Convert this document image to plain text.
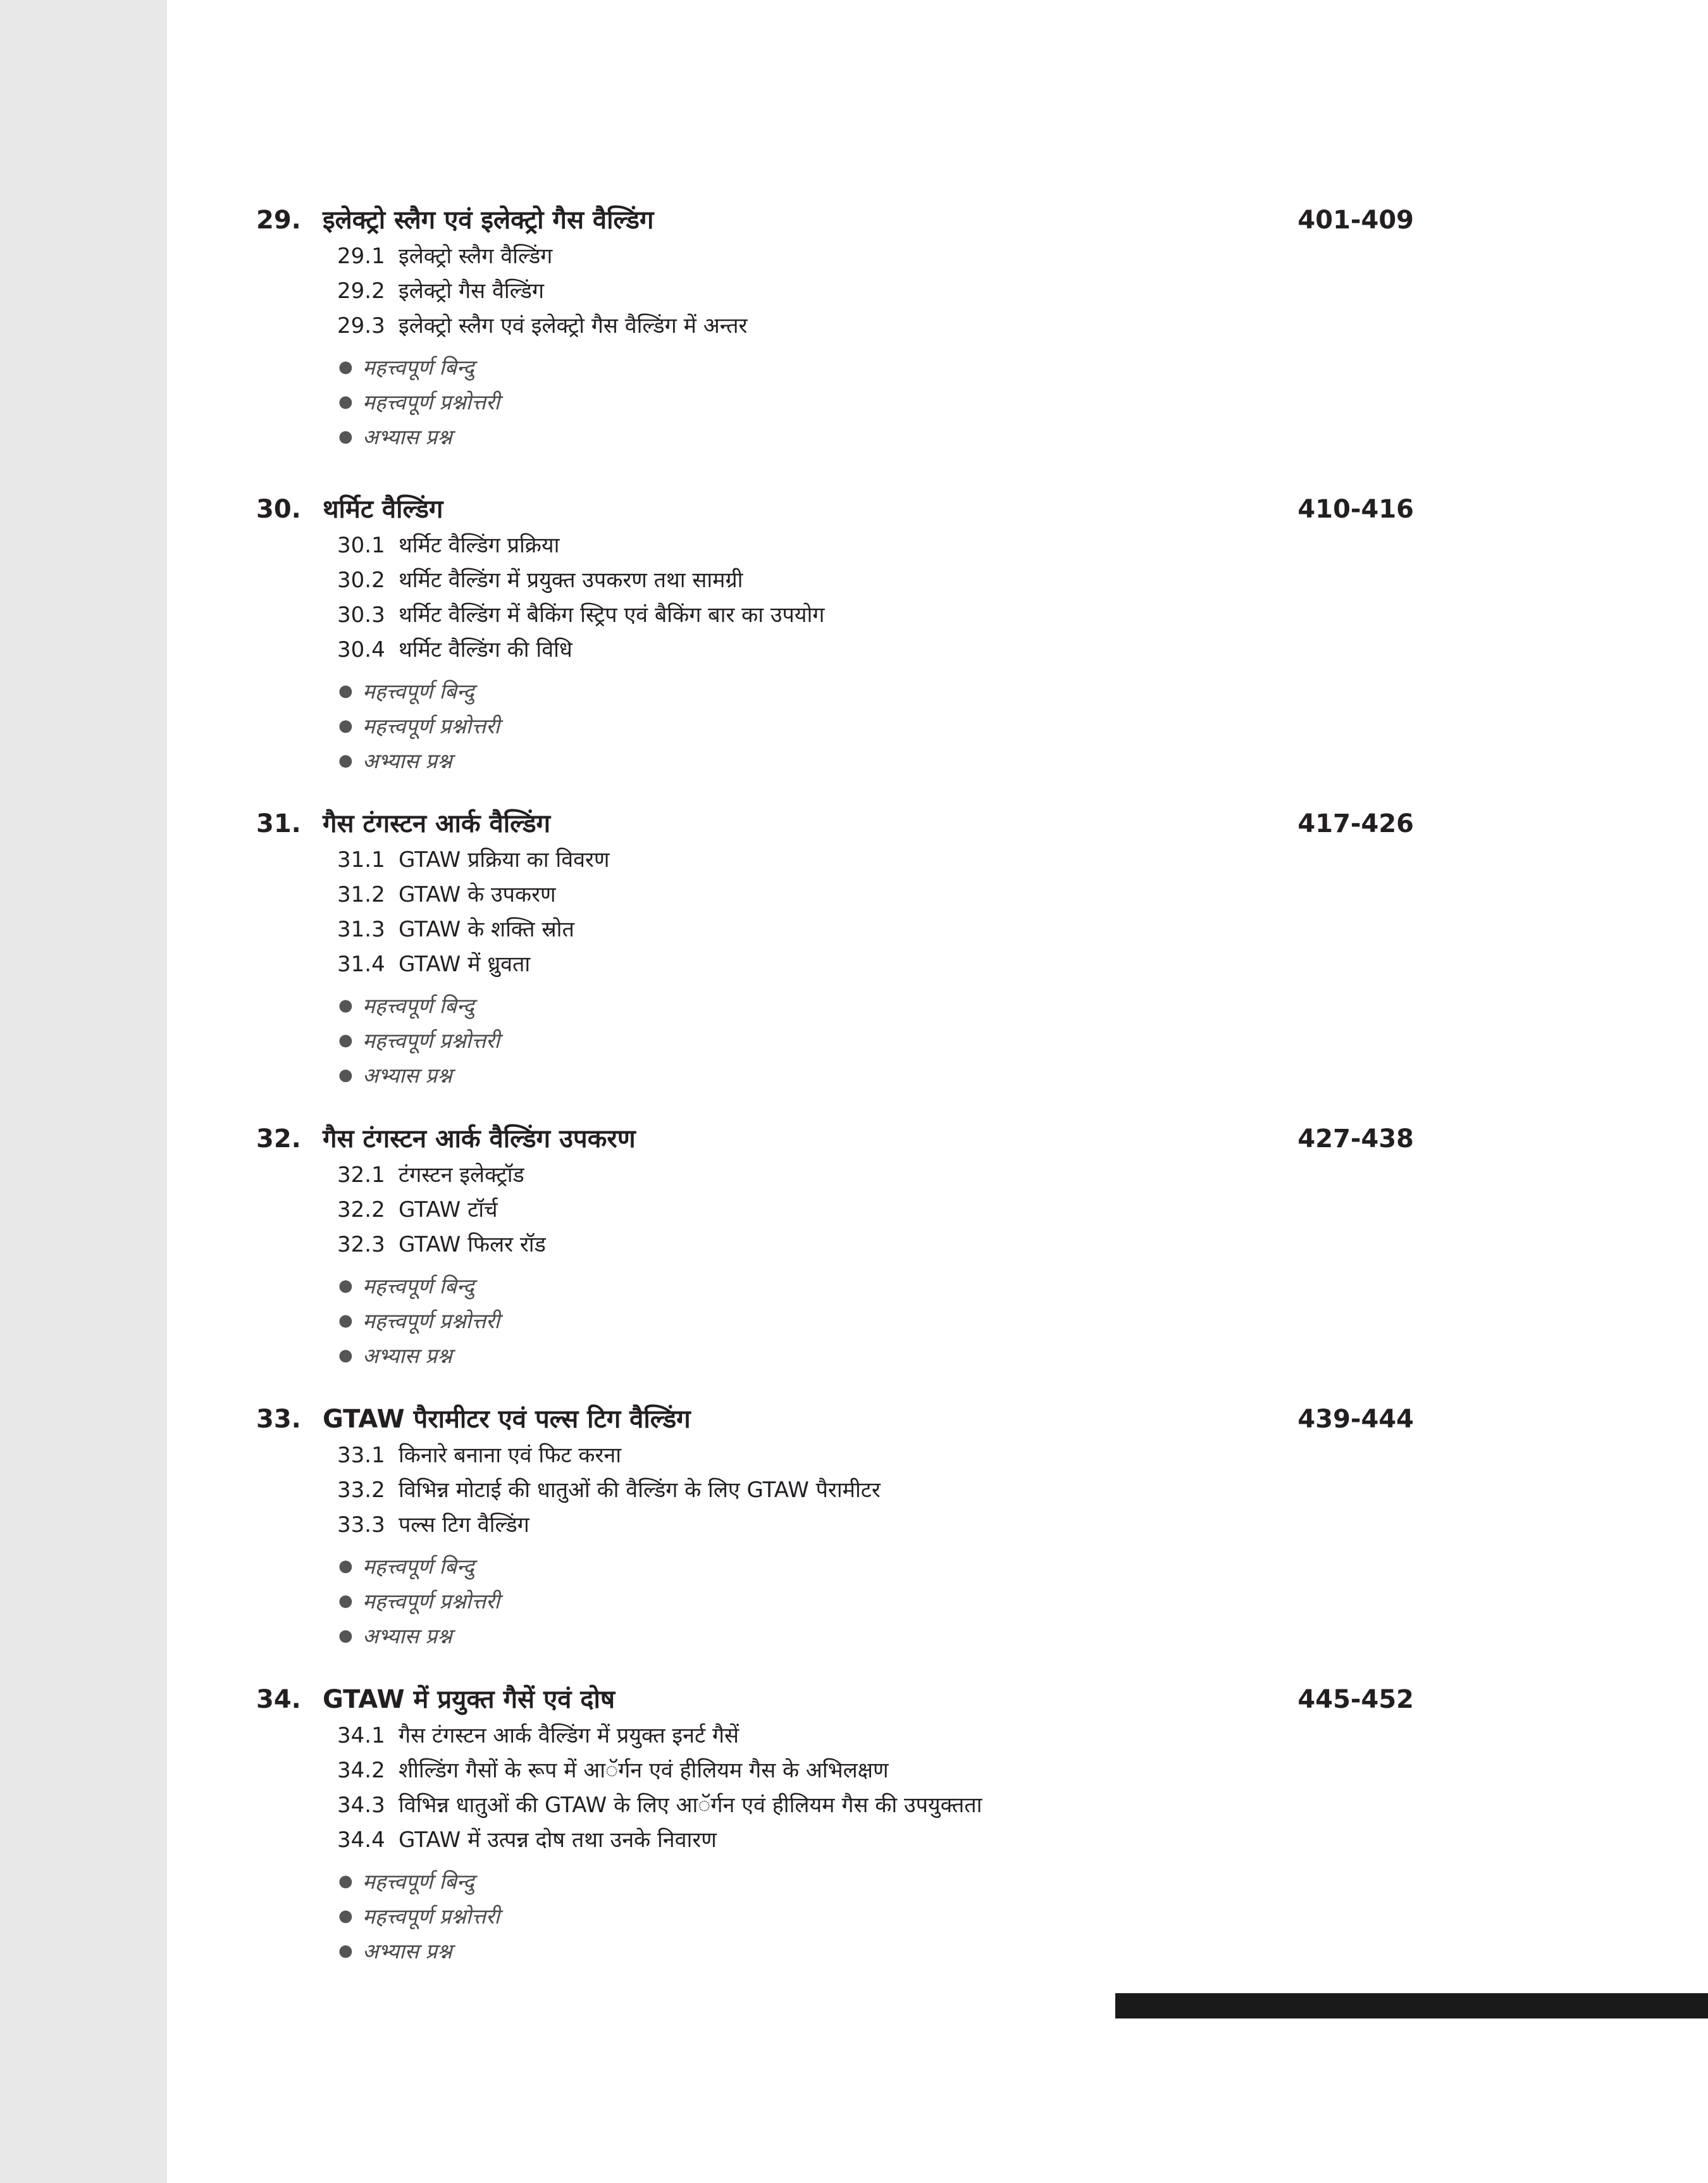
29. इलेक्ट्रो स्लैग एवं इलेक्ट्रो गैस वैल्डिंग	401-409
29.1 इलेक्ट्रो स्लैग वैल्डिंग
29.2 इलेक्ट्रो गैस वैल्डिंग
29.3 इलेक्ट्रो स्लैग एवं इलेक्ट्रो गैस वैल्डिंग में अन्तर
● महत्त्वपूर्ण बिन्दु
● महत्त्वपूर्ण प्रश्नोत्तरी
● अभ्यास प्रश्न
30. थर्मिट वैल्डिंग	410-416
30.1 थर्मिट वैल्डिंग प्रक्रिया
30.2 थर्मिट वैल्डिंग में प्रयुक्त उपकरण तथा सामग्री
30.3 थर्मिट वैल्डिंग में बैकिंग स्ट्रिप एवं बैकिंग बार का उपयोग
30.4 थर्मिट वैल्डिंग की विधि
● महत्त्वपूर्ण बिन्दु
● महत्त्वपूर्ण प्रश्नोत्तरी
● अभ्यास प्रश्न
31. गैस टंगस्टन आर्क वैल्डिंग	417-426
31.1 GTAW प्रक्रिया का विवरण
31.2 GTAW के उपकरण
31.3 GTAW के शक्ति स्रोत
31.4 GTAW में ध्रुवता
● महत्त्वपूर्ण बिन्दु
● महत्त्वपूर्ण प्रश्नोत्तरी
● अभ्यास प्रश्न
32. गैस टंगस्टन आर्क वैल्डिंग उपकरण	427-438
32.1 टंगस्टन इलेक्ट्रॉड
32.2 GTAW टॉर्च
32.3 GTAW फिलर रॉड
● महत्त्वपूर्ण बिन्दु
● महत्त्वपूर्ण प्रश्नोत्तरी
● अभ्यास प्रश्न
33. GTAW पैरामीटर एवं पल्स टिग वैल्डिंग	439-444
33.1 किनारे बनाना एवं फिट करना
33.2 विभिन्न मोटाई की धातुओं की वैल्डिंग के लिए GTAW पैरामीटर
33.3 पल्स टिग वैल्डिंग
● महत्त्वपूर्ण बिन्दु
● महत्त्वपूर्ण प्रश्नोत्तरी
● अभ्यास प्रश्न
34. GTAW में प्रयुक्त गैसें एवं दोष	445-452
34.1 गैस टंगस्टन आर्क वैल्डिंग में प्रयुक्त इनर्ट गैसें
34.2 शील्डिंग गैसों के रूप में आॅर्गन एवं हीलियम गैस के अभिलक्षण
34.3 विभिन्न धातुओं की GTAW के लिए आॅर्गन एवं हीलियम गैस की उपयुक्तता
34.4 GTAW में उत्पन्न दोष तथा उनके निवारण
● महत्त्वपूर्ण बिन्दु
● महत्त्वपूर्ण प्रश्नोत्तरी
● अभ्यास प्रश्न
